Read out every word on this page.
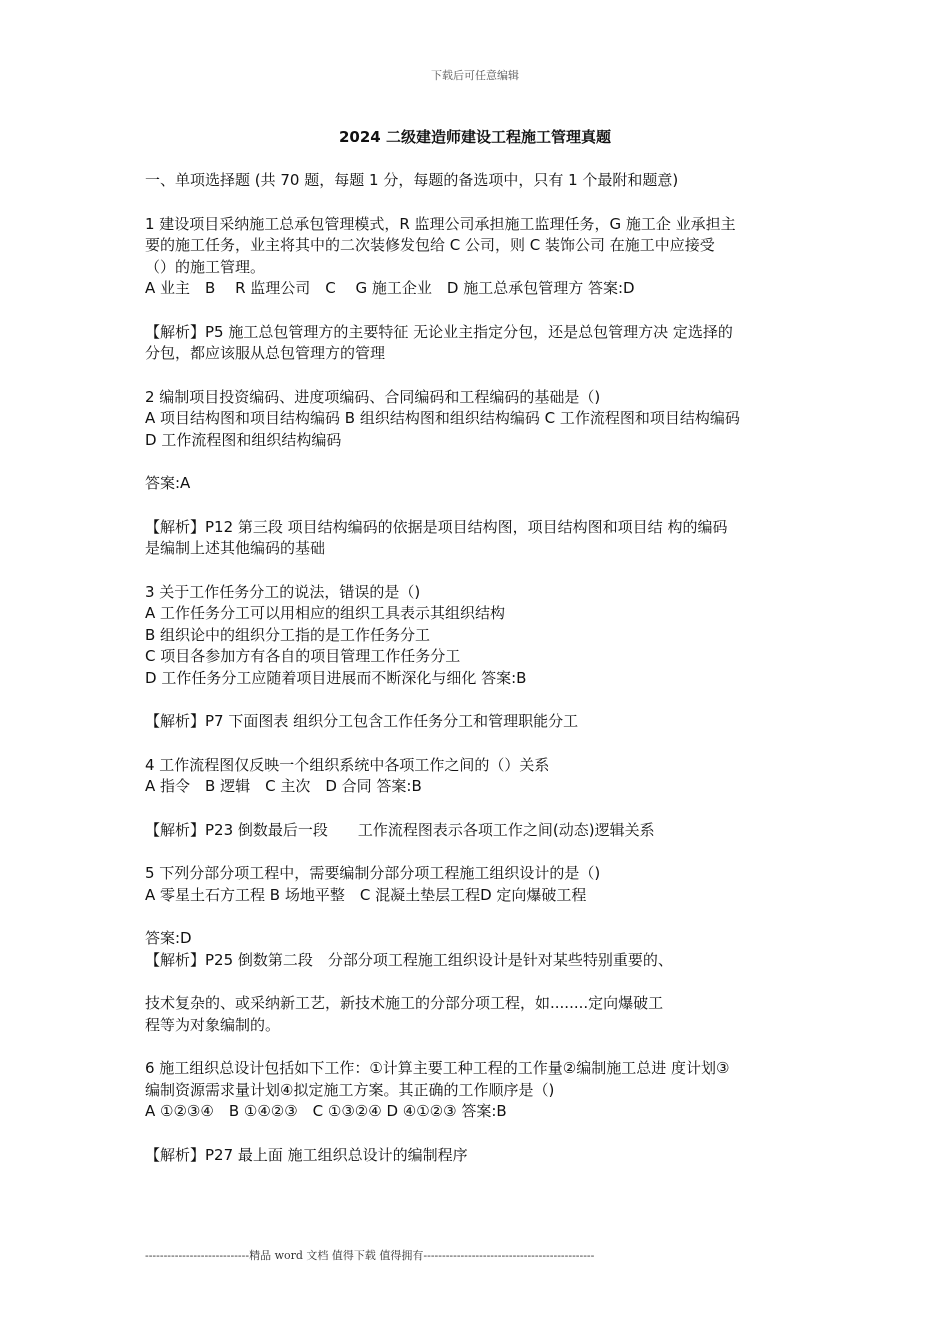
下载后可任意编辑
2024 二级建造师建设工程施工管理真题

一、单项选择题 (共 70 题，每题 1 分，每题的备选项中，只有 1 个最附和题意)

1 建设项目采纳施工总承包管理模式，R 监理公司承担施工监理任务，G 施工企 业承担主

要的施工任务，业主将其中的二次装修发包给 C 公司，则 C 装饰公司 在施工中应接受

（）的施工管理。

A 业主　B　 R 监理公司　C　 G 施工企业　D 施工总承包管理方 答案:D

【解析】P5 施工总包管理方的主要特征 无论业主指定分包，还是总包管理方决 定选择的

分包，都应该服从总包管理方的管理

2 编制项目投资编码、进度项编码、合同编码和工程编码的基础是（)

A 项目结构图和项目结构编码 B 组织结构图和组织结构编码 C 工作流程图和项目结构编码

D 工作流程图和组织结构编码

答案:A

【解析】P12 第三段 项目结构编码的依据是项目结构图，项目结构图和项目结 构的编码

是编制上述其他编码的基础

3 关于工作任务分工的说法，错误的是（)

A 工作任务分工可以用相应的组织工具表示其组织结构

B 组织论中的组织分工指的是工作任务分工

C 项目各参加方有各自的项目管理工作任务分工

D 工作任务分工应随着项目进展而不断深化与细化 答案:B

【解析】P7 下面图表 组织分工包含工作任务分工和管理职能分工

4 工作流程图仅反映一个组织系统中各项工作之间的（）关系

A 指令　B 逻辑　C 主次　D 合同 答案:B

【解析】P23 倒数最后一段　　工作流程图表示各项工作之间(动态)逻辑关系

5 下列分部分项工程中，需要编制分部分项工程施工组织设计的是（)

A 零星土石方工程 B 场地平整　C 混凝土垫层工程D 定向爆破工程

答案:D

【解析】P25 倒数第二段　分部分项工程施工组织设计是针对某些特别重要的、

技术复杂的、或采纳新工艺，新技术施工的分部分项工程，如........定向爆破工

程等为对象编制的。

6 施工组织总设计包括如下工作：①计算主要工种工程的工作量②编制施工总进 度计划③

编制资源需求量计划④拟定施工方案。其正确的工作顺序是（)

A ①②③④　B ①④②③　C ①③②④ D ④①②③ 答案:B

【解析】P27 最上面 施工组织总设计的编制程序

----------------------------精品 word 文档 值得下载 值得拥有----------------------------------------------
